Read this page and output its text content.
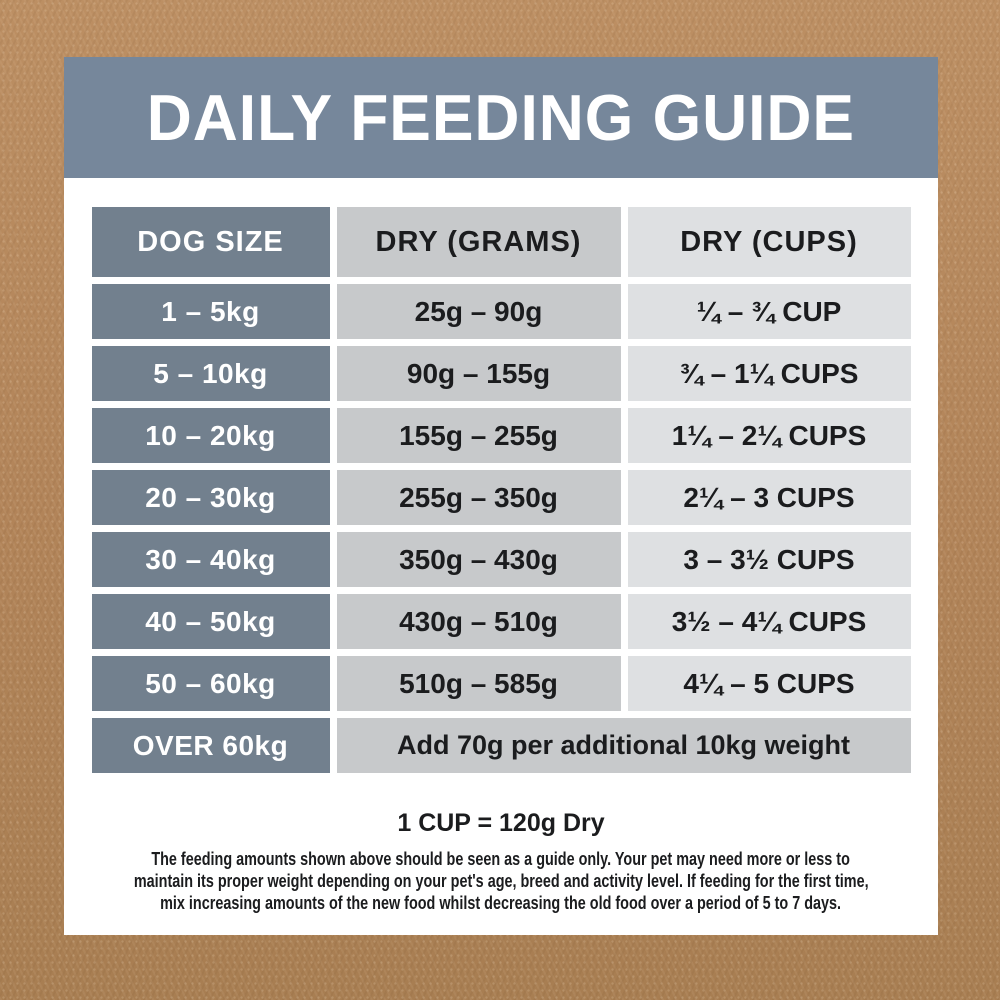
DAILY FEEDING GUIDE
DOG SIZE	DRY (GRAMS)	DRY (CUPS)
1 – 5kg	25g – 90g	¼ – ¾ CUP
5 – 10kg	90g – 155g	¾ – 1¼ CUPS
10 – 20kg	155g – 255g	1¼ – 2¼ CUPS
20 – 30kg	255g – 350g	2¼ – 3 CUPS
30 – 40kg	350g – 430g	3 – 3½ CUPS
40 – 50kg	430g – 510g	3½ – 4¼ CUPS
50 – 60kg	510g – 585g	4¼ – 5 CUPS
OVER 60kg	Add 70g per additional 10kg weight
1 CUP = 120g Dry
The feeding amounts shown above should be seen as a guide only. Your pet may need more or less to
maintain its proper weight depending on your pet's age, breed and activity level. If feeding for the first time,
mix increasing amounts of the new food whilst decreasing the old food over a period of 5 to 7 days.
